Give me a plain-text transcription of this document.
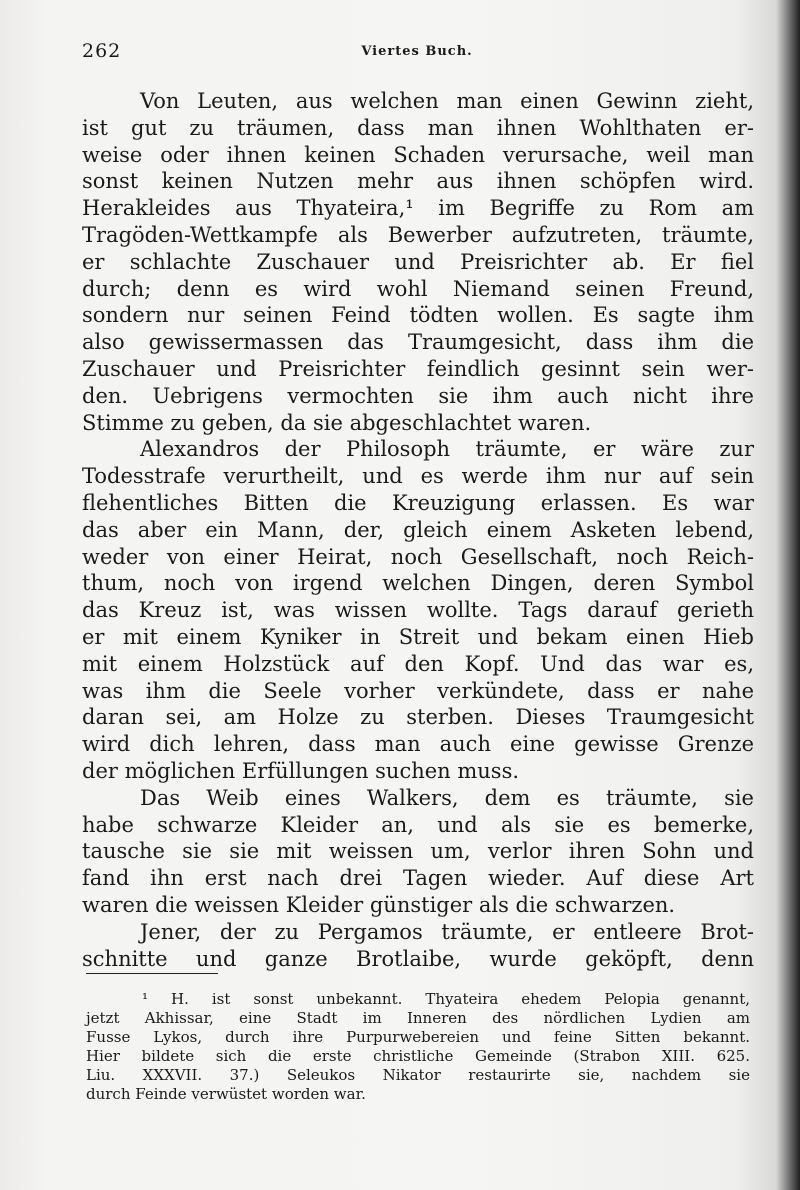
262	Viertes Buch.
Von Leuten, aus welchen man einen Gewinn zieht,
ist gut zu träumen, dass man ihnen Wohlthaten er-
weise oder ihnen keinen Schaden verursache, weil man
sonst keinen Nutzen mehr aus ihnen schöpfen wird.
Herakleides aus Thyateira,¹ im Begriffe zu Rom am
Tragöden-Wettkampfe als Bewerber aufzutreten, träumte,
er schlachte Zuschauer und Preisrichter ab. Er fiel
durch; denn es wird wohl Niemand seinen Freund,
sondern nur seinen Feind tödten wollen. Es sagte ihm
also gewissermassen das Traumgesicht, dass ihm die
Zuschauer und Preisrichter feindlich gesinnt sein wer-
den. Uebrigens vermochten sie ihm auch nicht ihre
Stimme zu geben, da sie abgeschlachtet waren.
Alexandros der Philosoph träumte, er wäre zur
Todesstrafe verurtheilt, und es werde ihm nur auf sein
flehentliches Bitten die Kreuzigung erlassen. Es war
das aber ein Mann, der, gleich einem Asketen lebend,
weder von einer Heirat, noch Gesellschaft, noch Reich-
thum, noch von irgend welchen Dingen, deren Symbol
das Kreuz ist, was wissen wollte. Tags darauf gerieth
er mit einem Kyniker in Streit und bekam einen Hieb
mit einem Holzstück auf den Kopf. Und das war es,
was ihm die Seele vorher verkündete, dass er nahe
daran sei, am Holze zu sterben. Dieses Traumgesicht
wird dich lehren, dass man auch eine gewisse Grenze
der möglichen Erfüllungen suchen muss.
Das Weib eines Walkers, dem es träumte, sie
habe schwarze Kleider an, und als sie es bemerke,
tausche sie sie mit weissen um, verlor ihren Sohn und
fand ihn erst nach drei Tagen wieder. Auf diese Art
waren die weissen Kleider günstiger als die schwarzen.
Jener, der zu Pergamos träumte, er entleere Brot-
schnitte und ganze Brotlaibe, wurde geköpft, denn
¹ H. ist sonst unbekannt. Thyateira ehedem Pelopia genannt,
jetzt Akhissar, eine Stadt im Inneren des nördlichen Lydien am
Fusse Lykos, durch ihre Purpurwebereien und feine Sitten bekannt.
Hier bildete sich die erste christliche Gemeinde (Strabon XIII. 625.
Liu. XXXVII. 37.) Seleukos Nikator restaurirte sie, nachdem sie
durch Feinde verwüstet worden war.
